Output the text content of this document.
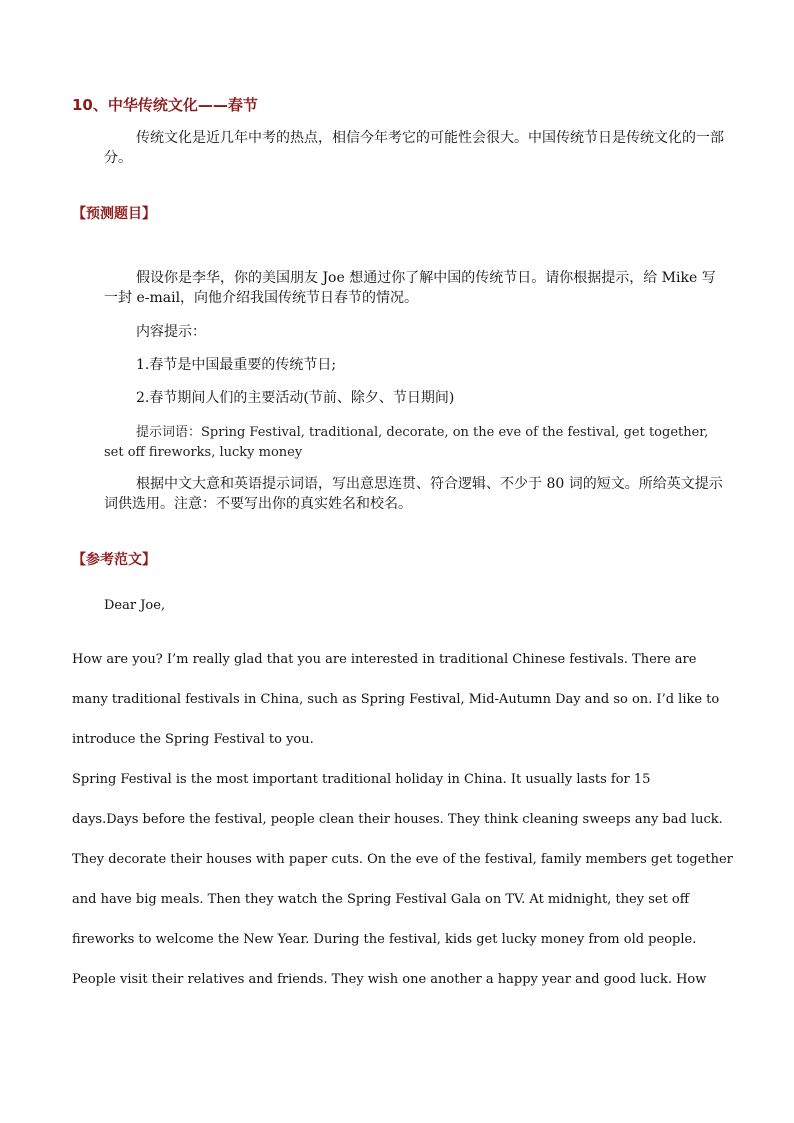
10、中华传统文化——春节
传统文化是近几年中考的热点，相信今年考它的可能性会很大。中国传统节日是传统文化的一部分。
【预测题目】
假设你是李华，你的美国朋友 Joe 想通过你了解中国的传统节日。请你根据提示，给 Mike 写一封 e-mail，向他介绍我国传统节日春节的情况。
内容提示：
1.春节是中国最重要的传统节日;
2.春节期间人们的主要活动(节前、除夕、节日期间)
提示词语：Spring Festival, traditional, decorate, on the eve of the festival, get together, set off fireworks, lucky money
根据中文大意和英语提示词语，写出意思连贯、符合逻辑、不少于 80 词的短文。所给英文提示词供选用。注意：不要写出你的真实姓名和校名。
【参考范文】
Dear Joe,
How are you? I’m really glad that you are interested in traditional Chinese festivals. There are
many traditional festivals in China, such as Spring Festival, Mid-Autumn Day and so on. I’d like to
introduce the Spring Festival to you.
Spring Festival is the most important traditional holiday in China. It usually lasts for 15
days.Days before the festival, people clean their houses. They think cleaning sweeps any bad luck.
They decorate their houses with paper cuts. On the eve of the festival, family members get together
and have big meals. Then they watch the Spring Festival Gala on TV. At midnight, they set off
fireworks to welcome the New Year. During the festival, kids get lucky money from old people.
People visit their relatives and friends. They wish one another a happy year and good luck. How
